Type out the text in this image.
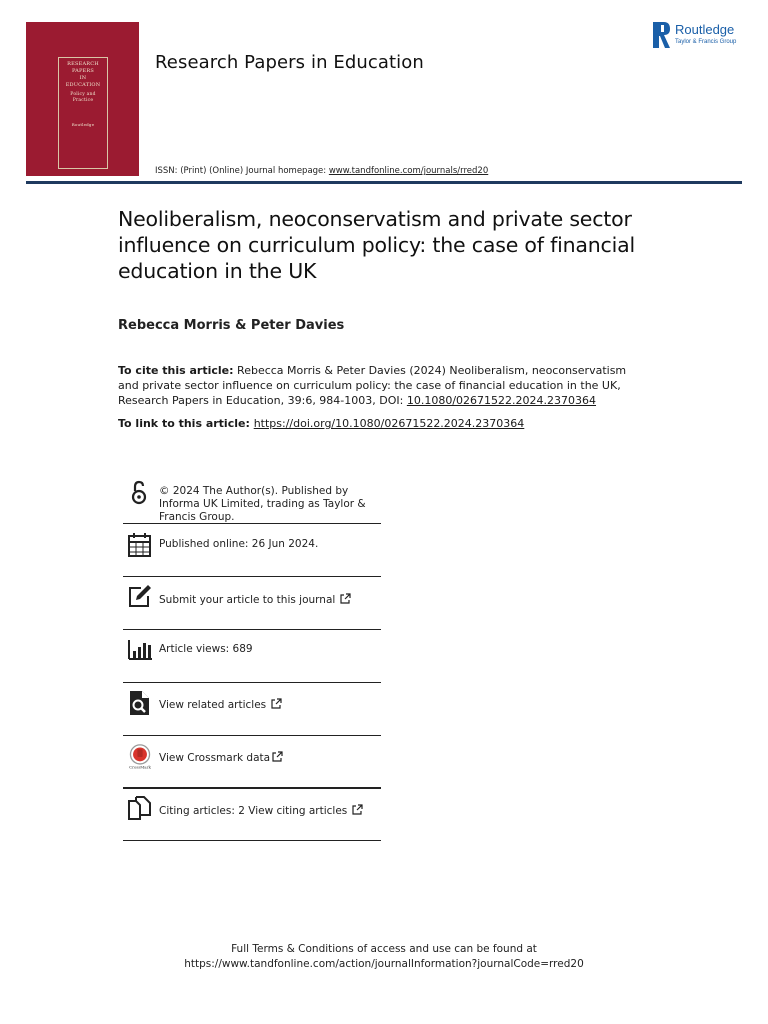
RESEARCH
PAPERS
IN
EDUCATION
Policy and
Practice
Routledge
Research Papers in Education
ISSN: (Print) (Online) Journal homepage: www.tandfonline.com/journals/rred20
Routledge
Taylor & Francis Group
Neoliberalism, neoconservatism and private sector influence on curriculum policy: the case of financial education in the UK
Rebecca Morris & Peter Davies
To cite this article: Rebecca Morris & Peter Davies (2024) Neoliberalism, neoconservatism and private sector influence on curriculum policy: the case of financial education in the UK, Research Papers in Education, 39:6, 984-1003, DOI: 10.1080/02671522.2024.2370364
To link to this article: https://doi.org/10.1080/02671522.2024.2370364
© 2024 The Author(s). Published by Informa UK Limited, trading as Taylor & Francis Group.
Published online: 26 Jun 2024.
Submit your article to this journal
Article views: 689
View related articles
CrossMark
View Crossmark data
Citing articles: 2 View citing articles
Full Terms & Conditions of access and use can be found at
https://www.tandfonline.com/action/journalInformation?journalCode=rred20
